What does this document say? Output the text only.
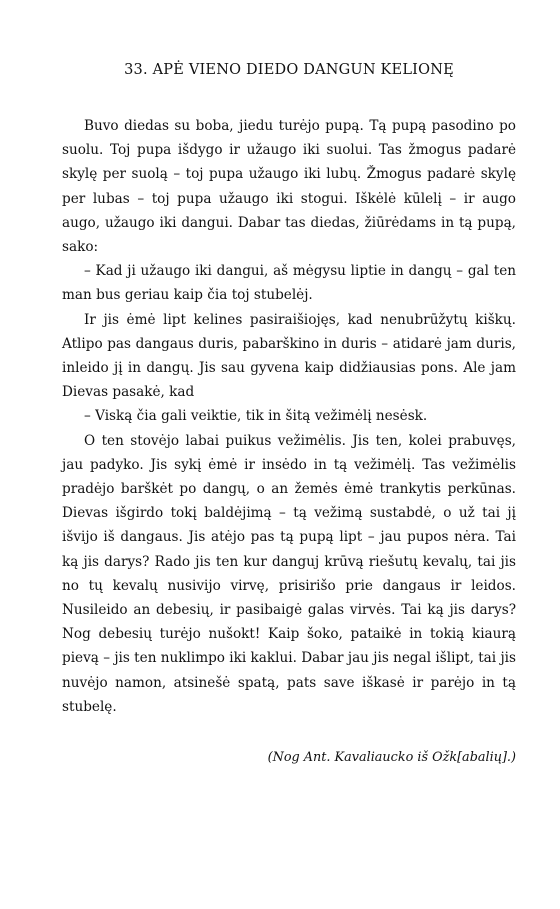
33. APĖ VIENO DIEDO DANGUN KELIONĘ

Buvo diedas su boba, jiedu turėjo pupą. Tą pupą pasodino po suolu. Toj pupa išdygo ir užaugo iki suolui. Tas žmogus padarė skylę per suolą – toj pupa užaugo iki lubų. Žmogus padarė skylę per lubas – toj pupa užaugo iki stogui. Iškėlė kūlelį – ir augo augo, užaugo iki dangui. Dabar tas diedas, žiūrėdams in tą pupą, sako:

– Kad ji užaugo iki dangui, aš mėgysu liptie in dangų – gal ten man bus geriau kaip čia toj stubelėj.

Ir jis ėmė lipt kelines pasiraišiojęs, kad nenubrūžytų kiškų. Atlipo pas dangaus duris, pabarškino in duris – atidarė jam duris, inleido jį in dangų. Jis sau gyvena kaip didžiausias pons. Ale jam Dievas pasakė, kad

– Viską čia gali veiktie, tik in šitą vežimėlį nesėsk.

O ten stovėjo labai puikus vežimėlis. Jis ten, kolei prabuvęs, jau padyko. Jis sykį ėmė ir insėdo in tą vežimėlį. Tas vežimėlis pradėjo barškėt po dangų, o an žemės ėmė trankytis perkūnas. Dievas išgirdo tokį baldėjimą – tą vežimą sustabdė, o už tai jį išvijo iš dangaus. Jis atėjo pas tą pupą lipt – jau pupos nėra. Tai ką jis darys? Rado jis ten kur danguj krūvą riešutų kevalų, tai jis no tų kevalų nusivijo virvę, prisirišo prie dangaus ir leidos. Nusileido an debesių, ir pasibaigė galas virvės. Tai ką jis darys? Nog debesių turėjo nušokt! Kaip šoko, pataikė in tokią kiaurą pievą – jis ten nuklimpo iki kaklui. Dabar jau jis negal išlipt, tai jis nuvėjo namon, atsinešė spatą, pats save iškasė ir parėjo in tą stubelę.

(Nog Ant. Kavaliaucko iš Ožk[abalių].)
